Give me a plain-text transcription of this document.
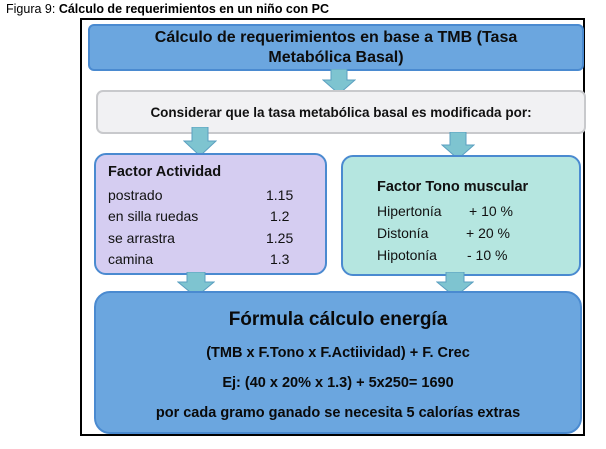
Figura 9: Cálculo de requerimientos en un niño con PC
Cálculo de requerimientos en base a TMB (Tasa
Metabólica Basal)
Considerar que la tasa metabólica basal es modificada por:
Factor Actividad
postrado	1.15
en silla ruedas	1.2
se arrastra	1.25
camina	1.3
Factor Tono muscular
Hipertonía + 10 %
Distonía	+ 20 %
Hipotonía - 10 %
Fórmula cálculo energía
(TMB x F.Tono x F.Actiividad) + F. Crec
Ej: (40 x 20% x 1.3) + 5x250= 1690
por cada gramo ganado se necesita 5 calorías extras
